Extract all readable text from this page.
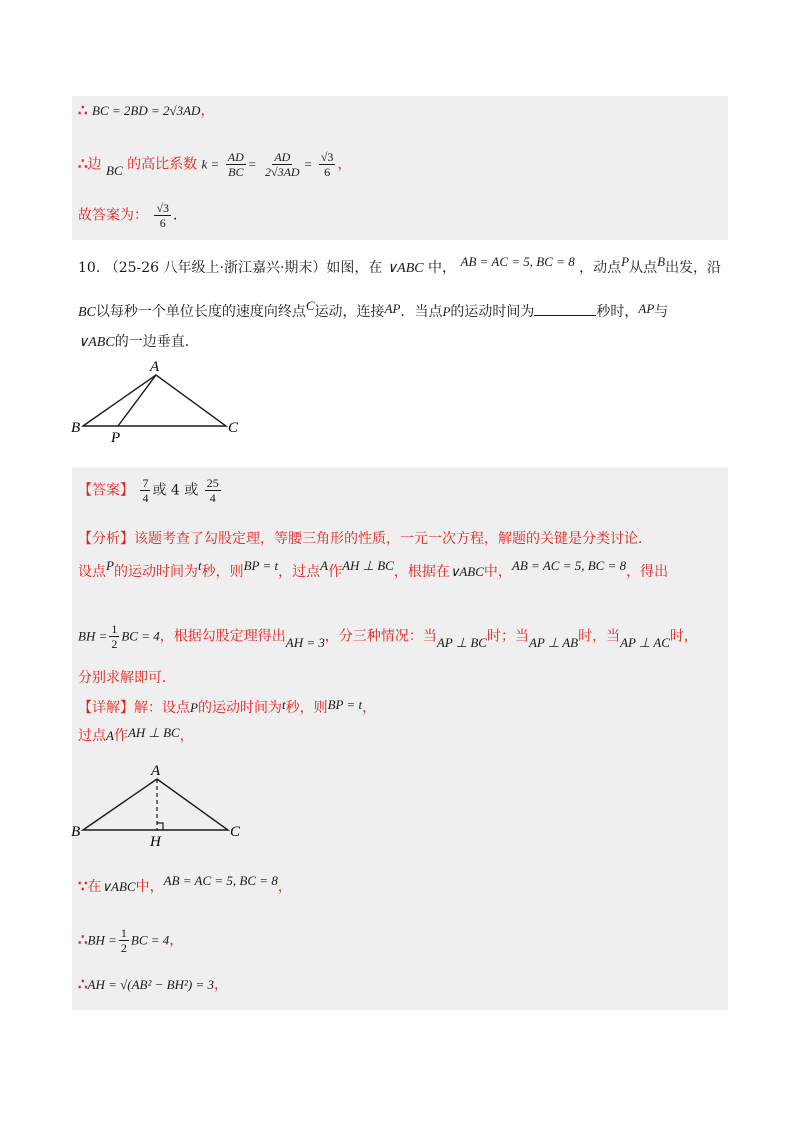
∴ BC = 2BD = 2√3AD，
∴边 BC 的高比系数 $k = \frac{AD}{BC} = \frac{AD}{2√3AD} = \frac{√3}{6}$ ，
故答案为： $\frac{√3}{6}$ ．
10. （25-26 八年级上·浙江嘉兴·期末）如图，在 ∨ABC 中， AB = AC = 5, BC = 8 ，动点P从点B出发，沿
BC以每秒一个单位长度的速度向终点C运动，连接AP．当点P的运动时间为	秒时，AP与
∨ABC的一边垂直．
A
B	C
P
【答案】 $\frac{7}{4}$ 或 4 或 $\frac{25}{4}$
【分析】该题考查了勾股定理，等腰三角形的性质，一元一次方程，解题的关键是分类讨论．
设点P的运动时间为t秒，则BP = t，过点A作AH ⊥ BC，根据在∨ABC中，AB = AC = 5, BC = 8，得出
BH = $\frac{1}{2}$ BC = 4，根据勾股定理得出AH = 3，分三种情况：当AP ⊥ BC时；当AP ⊥ AB时，当AP ⊥ AC时，
分别求解即可．
【详解】解：设点P的运动时间为t秒，则BP = t，
过点A作AH ⊥ BC，
A
B	C
H
∵在∨ABC中，AB = AC = 5, BC = 8，
∴BH = $\frac{1}{2}$ BC = 4，
∴AH = √(AB² − BH²) = 3，
